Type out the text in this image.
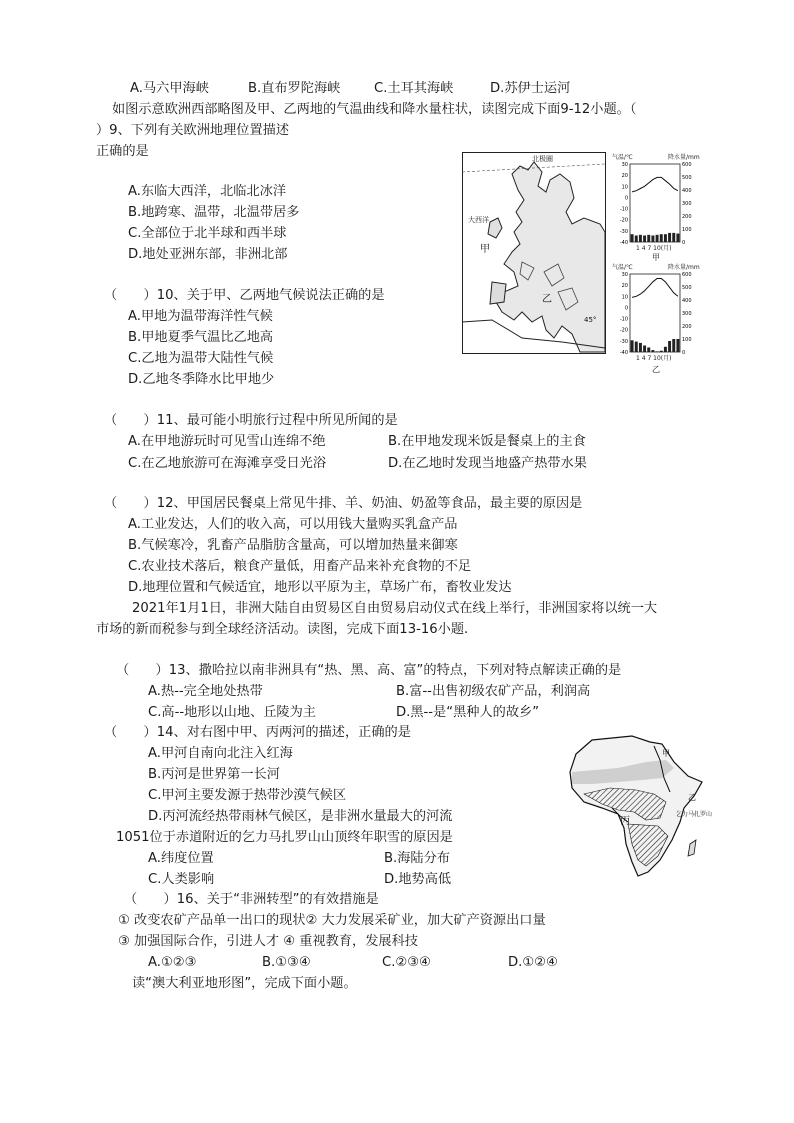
A.马六甲海峡	B.直布罗陀海峡	C.土耳其海峡	D.苏伊士运河
如图示意欧洲西部略图及甲、乙两地的气温曲线和降水量柱状，读图完成下面9-12小题。（
）9、下列有关欧洲地理位置描述
正确的是
A.东临大西洋，北临北冰洋
B.地跨寒、温带，北温带居多
C.全部位于北半球和西半球
D.地处亚洲东部，非洲北部
（　　）10、关于甲、乙两地气候说法正确的是
A.甲地为温带海洋性气候
B.甲地夏季气温比乙地高
C.乙地为温带大陆性气候
D.乙地冬季降水比甲地少
（　　）11、最可能小明旅行过程中所见所闻的是
A.在甲地游玩时可见雪山连绵不绝	B.在甲地发现米饭是餐桌上的主食
C.在乙地旅游可在海滩享受日光浴	D.在乙地时发现当地盛产热带水果
（　　）12、甲国居民餐桌上常见牛排、羊、奶油、奶盈等食品，最主要的原因是
A.工业发达，人们的收入高，可以用钱大量购买乳盒产品
B.气候寒冷，乳畜产品脂肪含量高，可以增加热量来御寒
C.农业技术落后，粮食产量低，用畜产品来补充食物的不足
D.地理位置和气候适宜，地形以平原为主，草场广布，畜牧业发达
2021年1月1日，非洲大陆自由贸易区自由贸易启动仪式在线上举行，非洲国家将以统一大
市场的新而税参与到全球经济活动。读图，完成下面13-16小题.
（　　）13、撒哈拉以南非洲具有“热、黑、高、富”的特点，下列对特点解读正确的是
A.热--完全地处热带	B.富--出售初级农矿产品，利润高
C.高--地形以山地、丘陵为主	D.黑--是“黑种人的故乡”
（　　）14、对右图中甲、丙两河的描述，正确的是
A.甲河自南向北注入红海
B.丙河是世界第一长河
C.甲河主要发源于热带沙漠气候区
D.丙河流经热带雨林气候区，是非洲水量最大的河流
1051位于赤道附近的乞力马扎罗山山顶终年职雪的原因是
A.纬度位置	B.海陆分布
C.人类影响	D.地势高低
（　　）16、关于“非洲转型”的有效措施是
① 改变农矿产品单一出口的现状② 大力发展采矿业，加大矿产资源出口量
③ 加强国际合作，引进人才 ④ 重视教育，发展科技
A.①②③	B.①③④	C.②③④	D.①②④
读“澳大利亚地形图”，完成下面小题。
北极圈
大西洋
甲
乙
45°
气温/℃	降水量/mm
30
20
10
0
-10
-20
-30
-40
600
500
400
300
200
100
0
1 4 7 10(月)
甲
气温/℃	降水量/mm
30
20
10
0
-10
-20
-30
-40
600
500
400
300
200
100
0
1 4 7 10(月)
乙
乙
丙
甲
乞力马扎罗山
